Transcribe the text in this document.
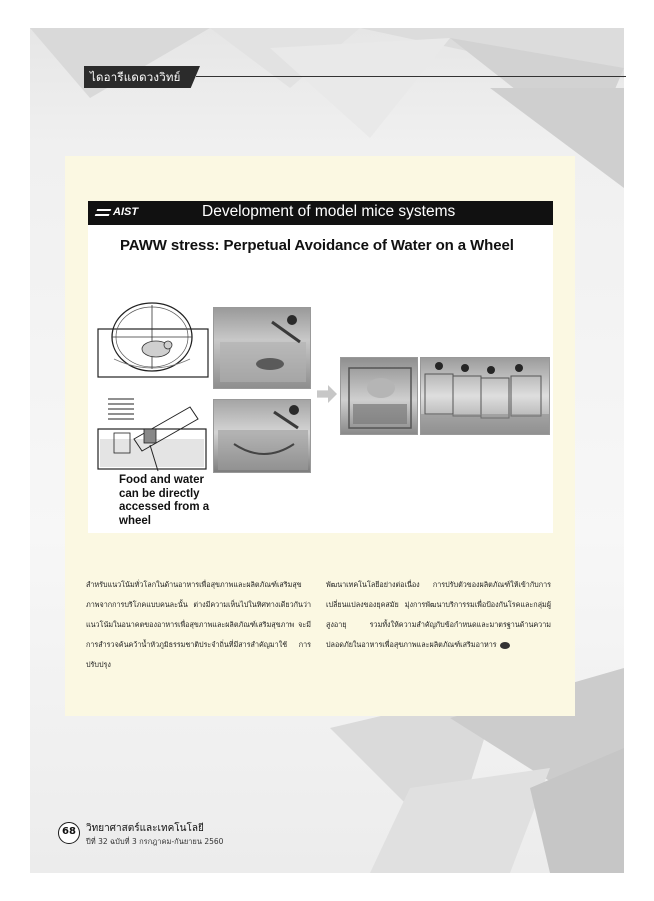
ไดอารีแดดวงวิทย์
AIST	Development of model mice systems
PAWW stress: Perpetual Avoidance of Water on a Wheel
Food and water
can be directly
accessed from a
wheel
สำหรับแนวโน้มทั่วโลกในด้านอาหารเพื่อสุขภาพและผลิตภัณฑ์เสริมสุขภาพจากการบริโภคแบบคนละนั้น ต่างมีความเห็นไปในทิศทางเดียวกันว่า แนวโน้มในอนาคตของอาหารเพื่อสุขภาพและผลิตภัณฑ์เสริมสุขภาพ จะมีการสำรวจค้นคว้าน้ำหัวภูมิธรรมชาติประจำถิ่นที่มีสารสำคัญมาใช้ การปรับปรุง
พัฒนาเทคโนโลยีอย่างต่อเนื่อง การปรับตัวของผลิตภัณฑ์ให้เข้ากับการเปลี่ยนแปลงของยุคสมัย มุ่งการพัฒนาบริการรมเพื่อป้องกันโรคและกลุ่มผู้สูงอายุ รวมทั้งให้ความสำคัญกับข้อกำหนดและมาตรฐานด้านความปลอดภัยในอาหารเพื่อสุขภาพและผลิตภัณฑ์เสริมอาหาร
68	วิทยาศาสตร์และเทคโนโลยี
ปีที่ 32 ฉบับที่ 3 กรกฎาคม-กันยายน 2560
